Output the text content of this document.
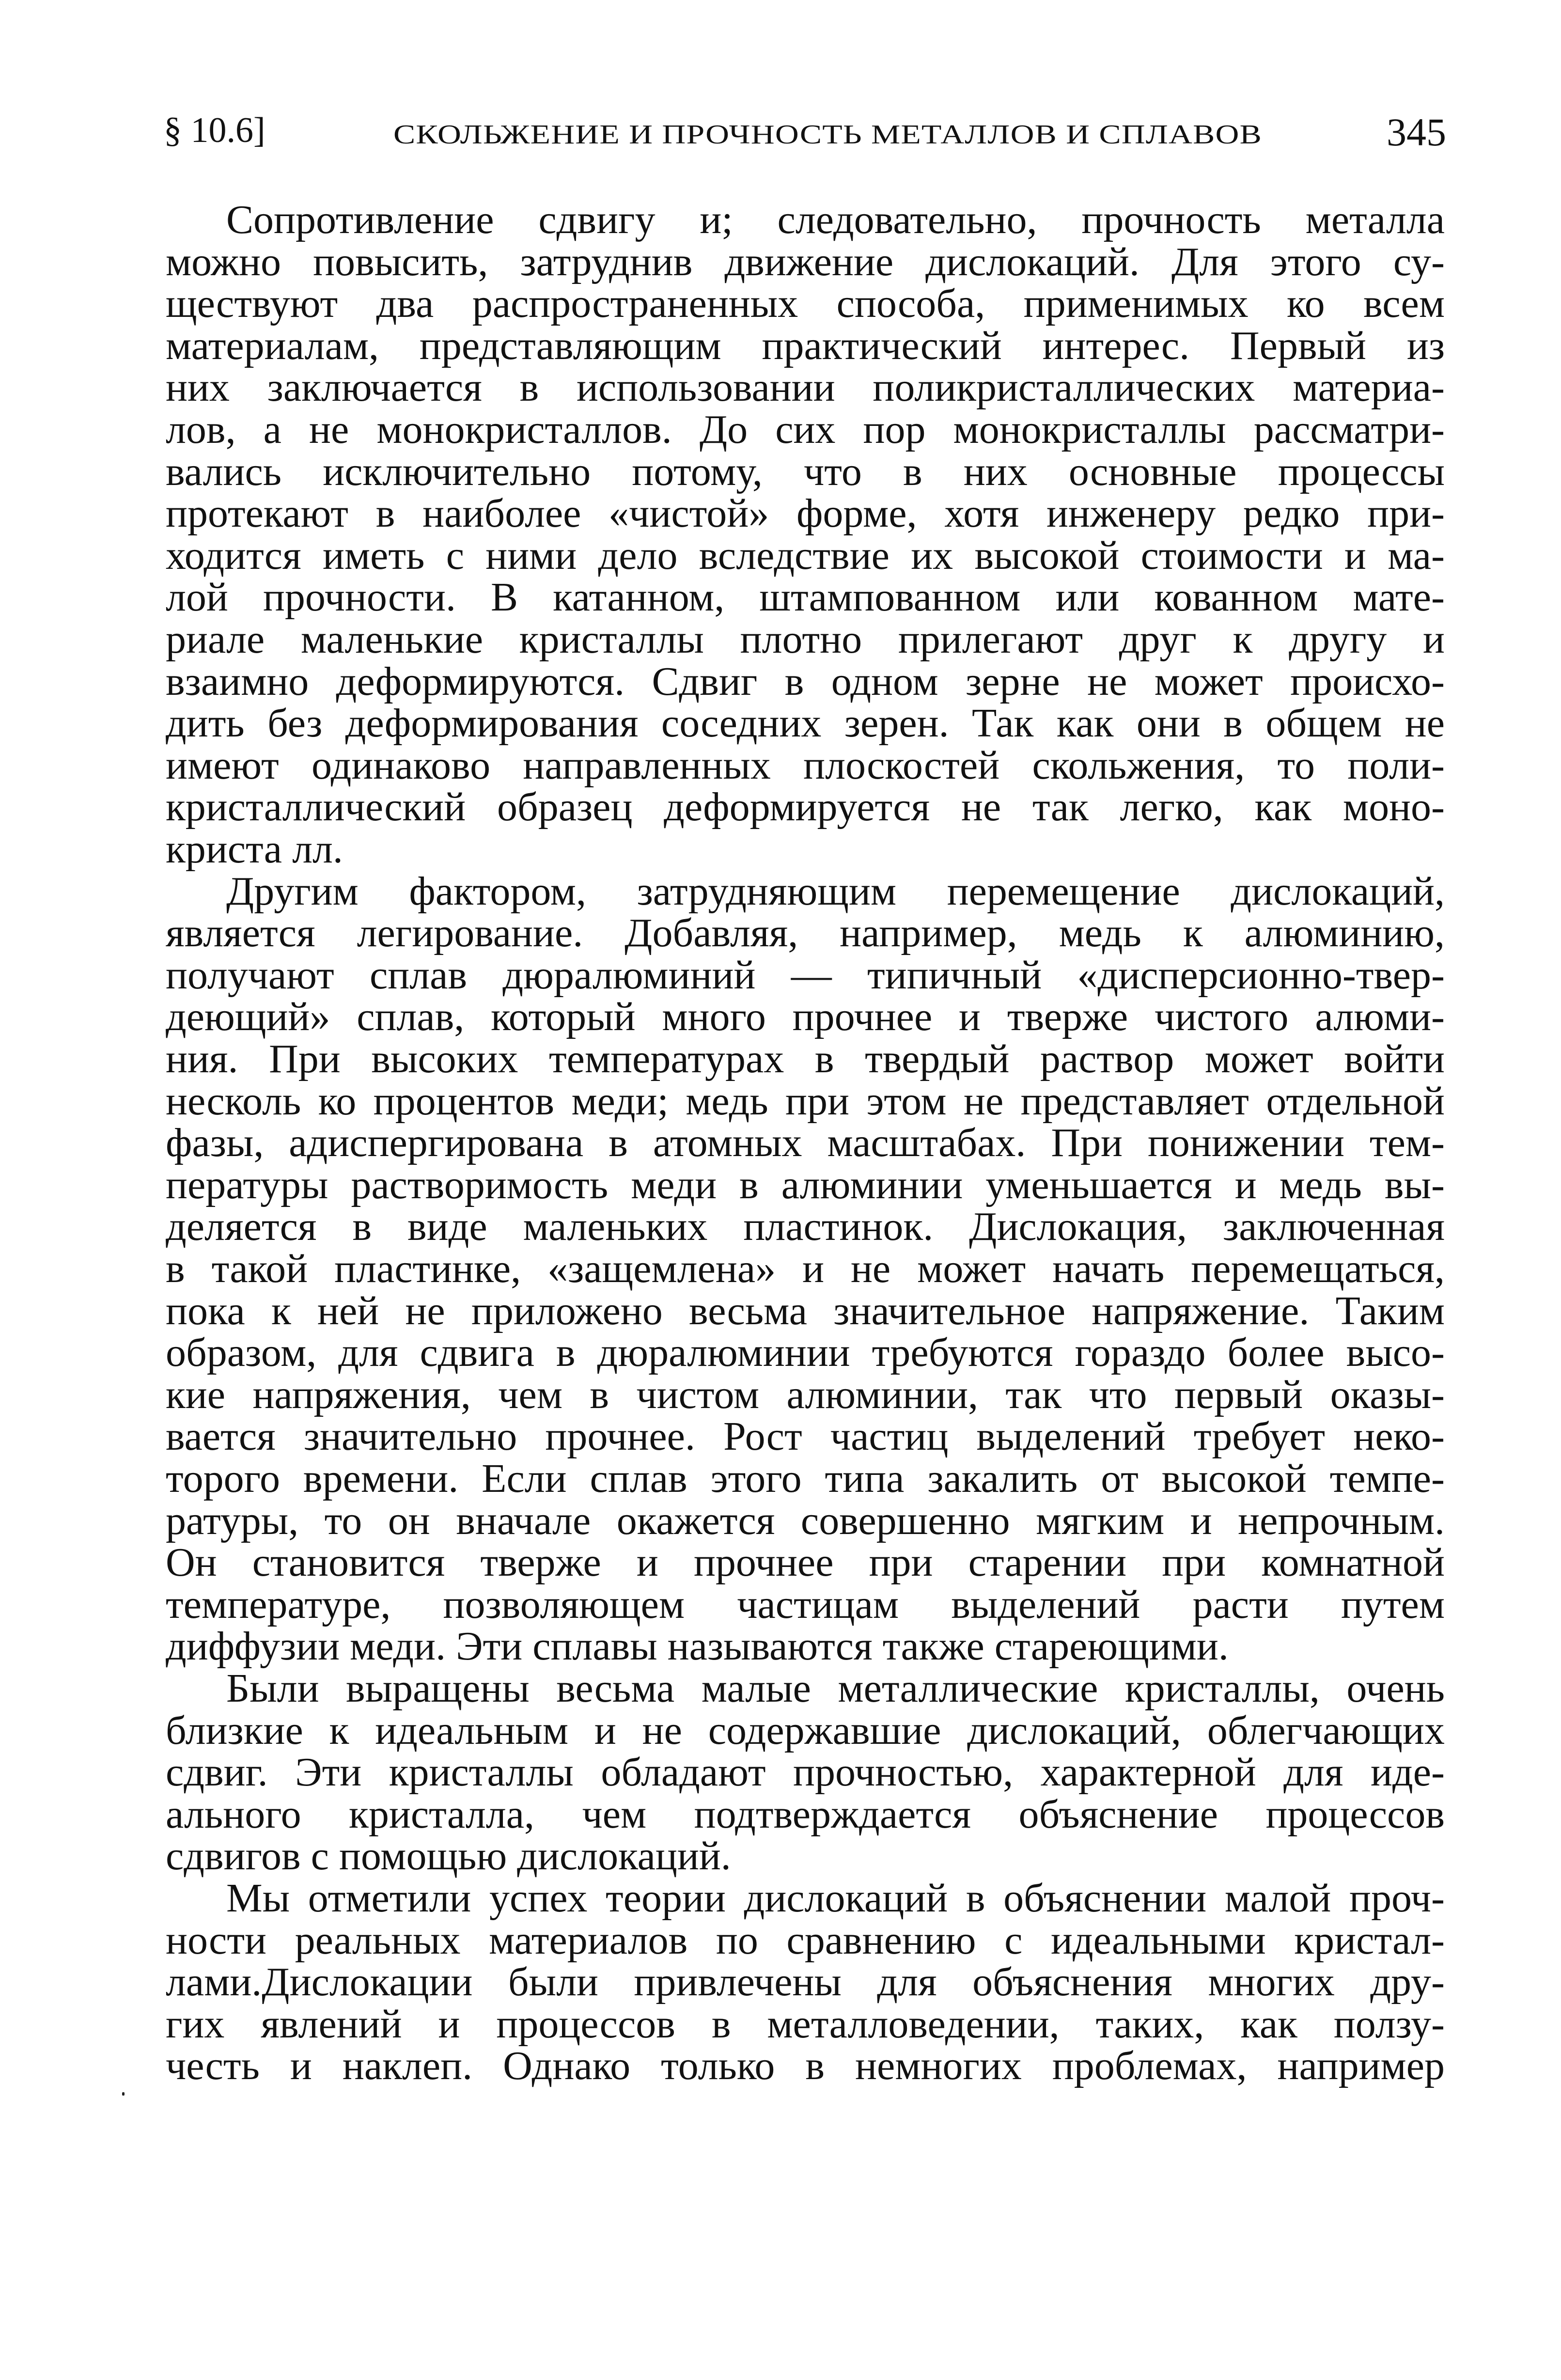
§ 10.6]	СКОЛЬЖЕНИЕ И ПРОЧНОСТЬ МЕТАЛЛОВ И СПЛАВОВ	345
Сопротивление сдвигу и; следовательно, прочность металла
можно повысить, затруднив движение дислокаций. Для этого су-
ществуют два распространенных способа, применимых ко всем
материалам, представляющим практический интерес. Первый из
них заключается в использовании поликристаллических материа-
лов, а не монокристаллов. До сих пор монокристаллы рассматри-
вались исключительно потому, что в них основные процессы
протекают в наиболее «чистой» форме, хотя инженеру редко при-
ходится иметь с ними дело вследствие их высокой стоимости и ма-
лой прочности. В катанном, штампованном или кованном мате-
риале маленькие кристаллы плотно прилегают друг к другу и
взаимно деформируются. Сдвиг в одном зерне не может происхо-
дить без деформирования соседних зерен. Так как они в общем не
имеют одинаково направленных плоскостей скольжения, то поли-
кристаллический образец деформируется не так легко, как моно-
криста лл.
Другим фактором, затрудняющим перемещение дислокаций,
является легирование. Добавляя, например, медь к алюминию,
получают сплав дюралюминий — типичный «дисперсионно-твер-
деющий» сплав, который много прочнее и тверже чистого алюми-
ния. При высоких температурах в твердый раствор может войти
несколь ко процентов меди; медь при этом не представляет отдельной
фазы, адиспергирована в атомных масштабах. При понижении тем-
пературы растворимость меди в алюминии уменьшается и медь вы-
деляется в виде маленьких пластинок. Дислокация, заключенная
в такой пластинке, «защемлена» и не может начать перемещаться,
пока к ней не приложено весьма значительное напряжение. Таким
образом, для сдвига в дюралюминии требуются гораздо более высо-
кие напряжения, чем в чистом алюминии, так что первый оказы-
вается значительно прочнее. Рост частиц выделений требует неко-
торого времени. Если сплав этого типа закалить от высокой темпе-
ратуры, то он вначале окажется совершенно мягким и непрочным.
Он становится тверже и прочнее при старении при комнатной
температуре, позволяющем частицам выделений расти путем
диффузии меди. Эти сплавы называются также стареющими.
Были выращены весьма малые металлические кристаллы, очень
близкие к идеальным и не содержавшие дислокаций, облегчающих
сдвиг. Эти кристаллы обладают прочностью, характерной для иде-
ального кристалла, чем подтверждается объяснение процессов
сдвигов с помощью дислокаций.
Мы отметили успех теории дислокаций в объяснении малой проч-
ности реальных материалов по сравнению с идеальными кристал-
лами.Дислокации были привлечены для объяснения многих дру-
гих явлений и процессов в металловедении, таких, как ползу-
честь и наклеп. Однако только в немногих проблемах, например
